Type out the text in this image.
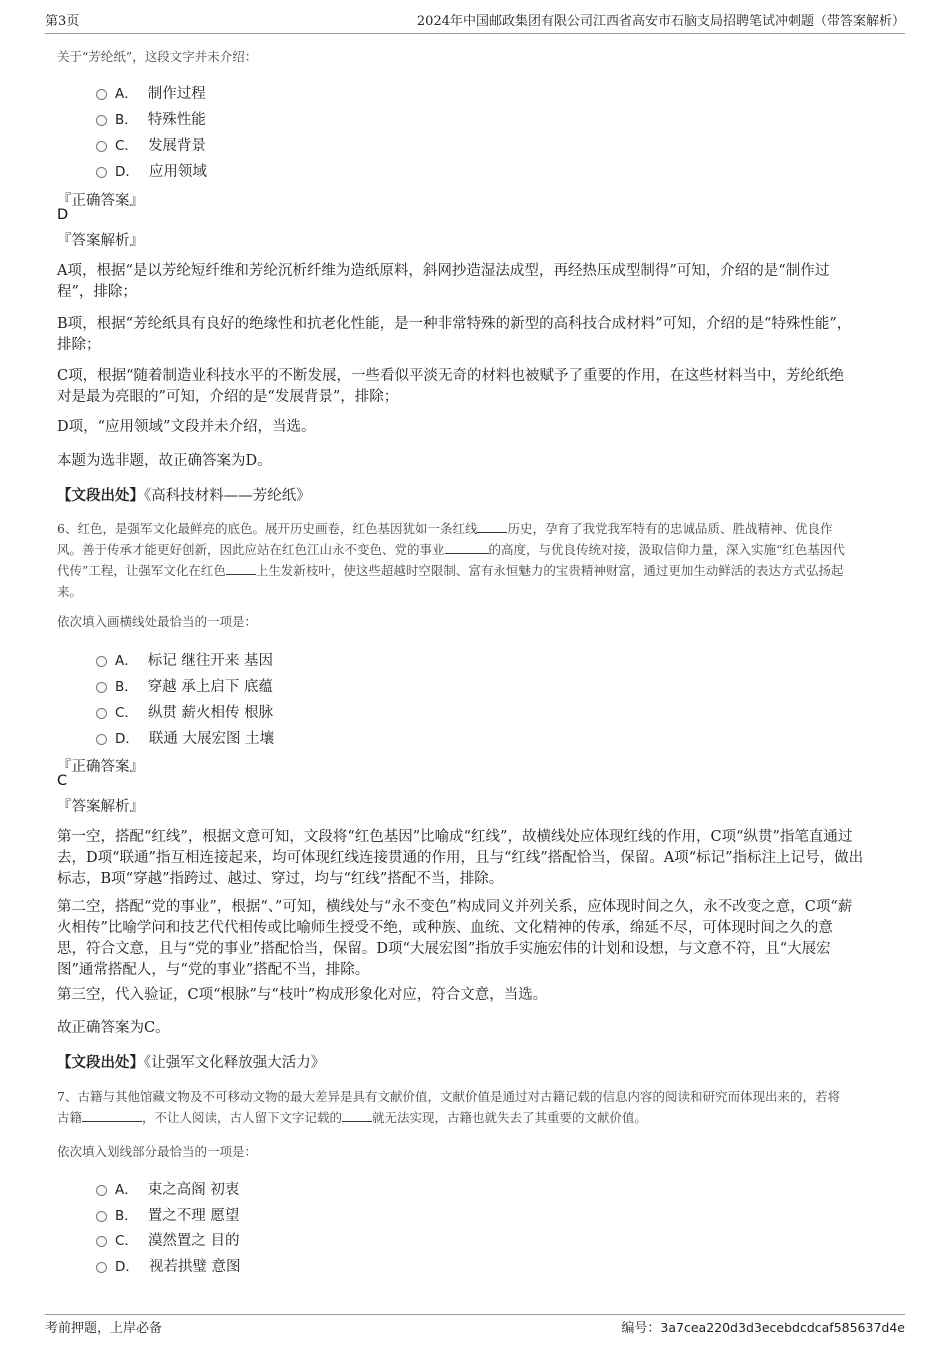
第3页	2024年中国邮政集团有限公司江西省高安市石脑支局招聘笔试冲刺题（带答案解析）
关于“芳纶纸”，这段文字并未介绍：
A． 制作过程
B． 特殊性能
C． 发展背景
D． 应用领域
『正确答案』
D
『答案解析』
A项，根据“是以芳纶短纤维和芳纶沉析纤维为造纸原料，斜网抄造湿法成型，再经热压成型制得”可知，介绍的是“制作过
程”，排除；
B项，根据“芳纶纸具有良好的绝缘性和抗老化性能，是一种非常特殊的新型的高科技合成材料”可知，介绍的是“特殊性能”，
排除；
C项，根据“随着制造业科技水平的不断发展，一些看似平淡无奇的材料也被赋予了重要的作用，在这些材料当中，芳纶纸绝
对是最为亮眼的”可知，介绍的是“发展背景”，排除；
D项，“应用领域”文段并未介绍，当选。
本题为选非题，故正确答案为D。
【文段出处】《高科技材料——芳纶纸》
6、红色，是强军文化最鲜亮的底色。展开历史画卷，红色基因犹如一条红线 历史，孕育了我党我军特有的忠诚品质、胜战精神、优良作
风。善于传承才能更好创新，因此应站在红色江山永不变色、党的事业	的高度，与优良传统对接，汲取信仰力量，深入实施“红色基因代
代传”工程，让强军文化在红色 上生发新枝叶，使这些超越时空限制、富有永恒魅力的宝贵精神财富，通过更加生动鲜活的表达方式弘扬起
来。
依次填入画横线处最恰当的一项是：
A． 标记 继往开来 基因
B． 穿越 承上启下 底蕴
C． 纵贯 薪火相传 根脉
D． 联通 大展宏图 土壤
『正确答案』
C
『答案解析』
第一空，搭配“红线”，根据文意可知，文段将“红色基因”比喻成“红线”，故横线处应体现红线的作用，C项“纵贯”指笔直通过
去，D项“联通”指互相连接起来，均可体现红线连接贯通的作用，且与“红线”搭配恰当，保留。A项“标记”指标注上记号，做出
标志，B项“穿越”指跨过、越过、穿过，均与“红线”搭配不当，排除。
第二空，搭配“党的事业”，根据“、”可知，横线处与“永不变色”构成同义并列关系，应体现时间之久，永不改变之意，C项“薪
火相传”比喻学问和技艺代代相传或比喻师生授受不绝，或种族、血统、文化精神的传承，绵延不尽，可体现时间之久的意
思，符合文意，且与“党的事业”搭配恰当，保留。D项“大展宏图”指放手实施宏伟的计划和设想，与文意不符，且“大展宏
图”通常搭配人，与“党的事业”搭配不当，排除。
第三空，代入验证，C项“根脉”与“枝叶”构成形象化对应，符合文意，当选。
故正确答案为C。
【文段出处】《让强军文化释放强大活力》
7、古籍与其他馆藏文物及不可移动文物的最大差异是具有文献价值，文献价值是通过对古籍记载的信息内容的阅读和研究而体现出来的，若将
古籍	，不让人阅读，古人留下文字记载的 就无法实现，古籍也就失去了其重要的文献价值。
依次填入划线部分最恰当的一项是：
A． 束之高阁 初衷
B． 置之不理 愿望
C． 漠然置之 目的
D． 视若拱璧 意图
考前押题，上岸必备	编号：3a7cea220d3d3ecebdcdcaf585637d4e
